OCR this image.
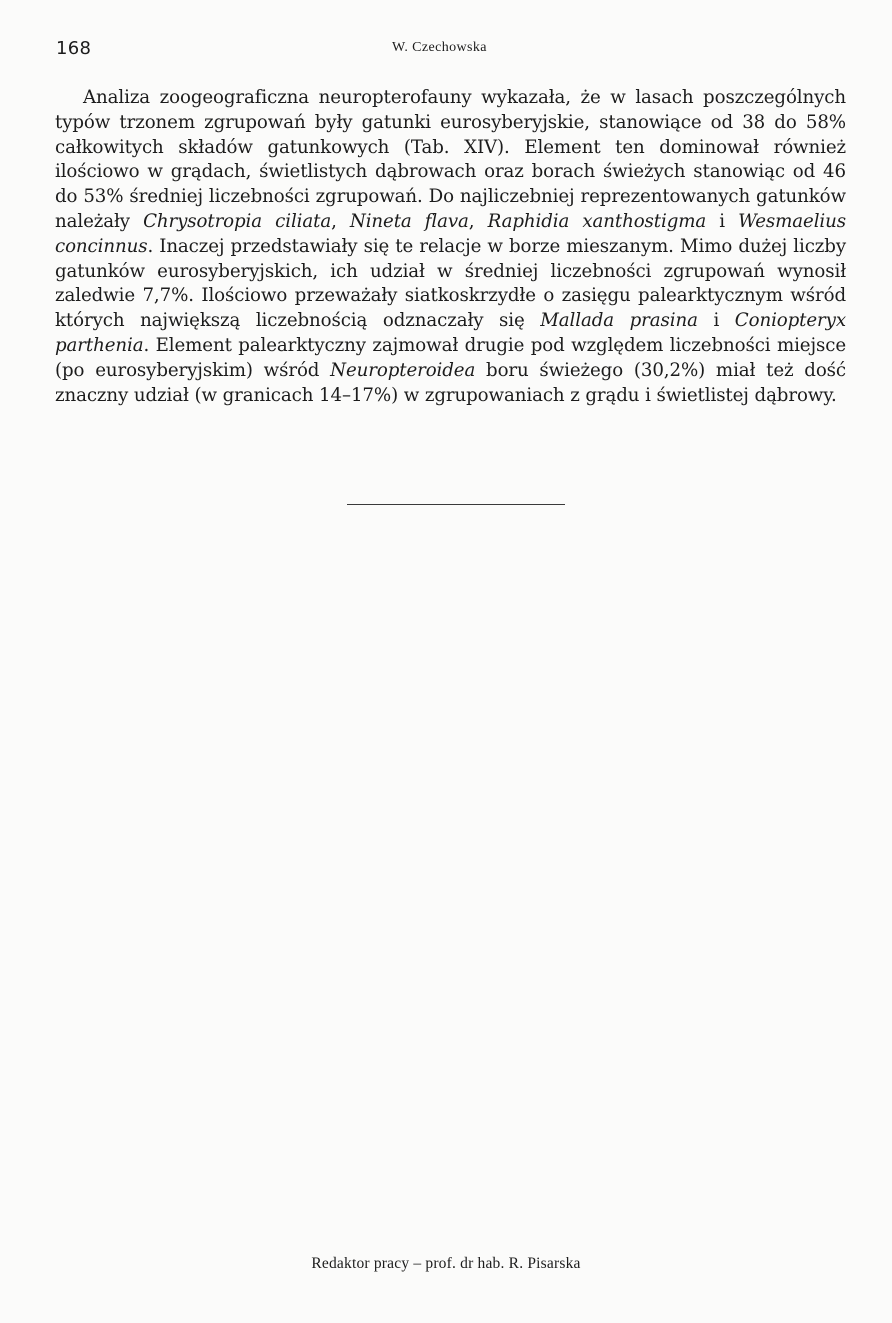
168	W. Czechowska

Analiza zoogeograficzna neuropterofauny wykazała, że w lasach poszczególnych typów trzonem zgrupowań były gatunki eurosyberyjskie, stanowiące od 38 do 58% całkowitych składów gatunkowych (Tab. XIV). Element ten dominował również ilościowo w grądach, świetlistych dąbrowach oraz borach świeżych stanowiąc od 46 do 53% średniej liczebności zgrupowań. Do najliczebniej reprezentowanych gatunków należały Chrysotropia ciliata, Nineta flava, Raphidia xanthostigma i Wesmaelius concinnus. Inaczej przedstawiały się te relacje w borze mieszanym. Mimo dużej liczby gatunków eurosyberyjskich, ich udział w średniej liczebności zgrupowań wynosił zaledwie 7,7%. Ilościowo przeważały siatkoskrzydłe o zasięgu palearktycznym wśród których największą liczebnością odznaczały się Mallada prasina i Coniopteryx parthenia. Element palearktyczny zajmował drugie pod względem liczebności miejsce (po eurosyberyjskim) wśród Neuropteroidea boru świeżego (30,2%) miał też dość znaczny udział (w granicach 14–17%) w zgrupowaniach z grądu i świetlistej dąbrowy.

Redaktor pracy – prof. dr hab. R. Pisarska
